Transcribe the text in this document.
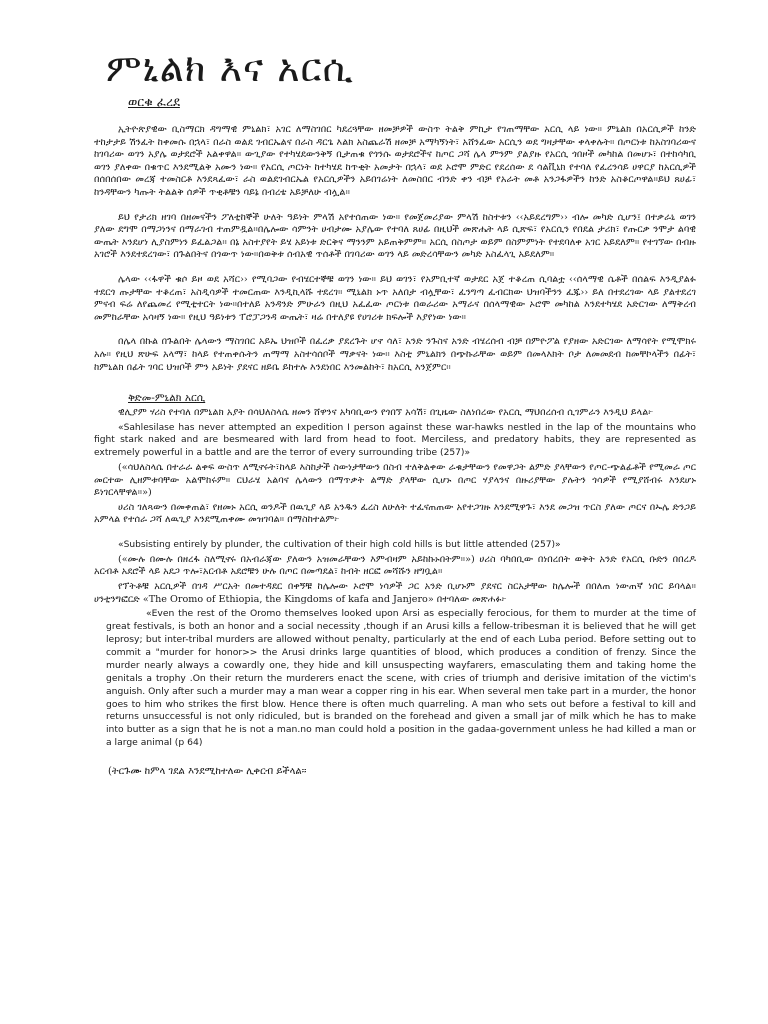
ምኒልክ እና አርሲ
ወርቁ ፈረደ

ኢትዮጵያዊው ቢስማርክ ዳግማዊ ምኒልክ፣ አገር ለማስገበር ካደረጓቸው ዘመቻዎች ውስጥ ትልቅ ምኪታ የገጠማቸው አርሲ ላይ ነው። ምኒልክ በአርሲዎች ከንድ ተከታታይ ሽንፈት ከቀመሱ በኋላ፣ በራስ ወልደ ገብርኤልና በራስ ዳርጌ እልክ አስጨራሽ ዘመቻ አማካኝነት፣ አሸንፈው አርሲን ወደ ግዛታቸው ቀላቀሉት። በጦርነቱ ከአስገባሪውና ከገባሪው ወገን አያሌ ወታደሮች አልቀዋል። ውጊያው የተካሄደውንቅኝ ቢታጠቁ የጎንሱ ወታደሮችና ከጦር ጋሻ ሌላ ምንም ያልያዙ የአርሲ ጎበዞች መካከል በመሆኑ፣ በተከሳካቢ ወገን ያለቀው በቁጥር እንደሚልቅ አሙን ነው። የአርሲ ጦርነት ከተካሄደ ከጥቂት አመታት በኋላ፣ ወደ ኦሮሞ ምድር የደረሰው ደ ሳልቪኒክ የተባለ የፈረንሳይ ሀዋርያ ከአርሲዎች በሰበሰበው መረጃ ተመስርቶ እንደጻፈው፣ ራስ ወልደገብርኤል የአርሲዎችን አይበገሬነት ለመስበር ብንድ ቀን ብቻ የአራት መቶ አንጋፋዎችን ከንድ አስቆርጦዋል።ይህ ጸሀፊ፣ ከንዳቸውን ካጡት ትልልቅ ሰዎች ጥቂቶቹን ባይኔ በብረቴ አይቻለሁ ብሏል።

ይህ የታሪክ ዘገባ በዘመናችን ፖለቲከኞች ሁለት ዓይነት ምላሽ አየተሰጠው ነው። የመጀመሪያው ምላሽ ከስተቱን ‹‹አይደረግም›› ብሎ መካድ ሲሆን፤ በተቃራኒ ወገን ያለው ደግሞ በማጋነንና በማራገብ ተጠምዷል።በሌሎው ሳምንት ሀብታሙ አያሌው የተባለ ጸሀፊ በዚህች መጽሔት ላይ ሲጽፍ፣ የአርሲን የበደል ታሪክ፣ የጡርቃ ንሞታ ልባዊ ውጤት እንደሆነ ሊያስምነን ይፈልጋል። በኔ አስተያየት ይሄ አይነቱ ድርቅና ማንንም አይጠቅምም። አርሲ በስጦታ ወይም በስምምነት የተደባለቀ አገር አይደለም። የተገኘው በብዙ አገሮች እንደተደረገው፣ በጉልበትና በጎውጥ ነው።በወቅቱ ሰብአዊ ጥሰቶች በገባሪው ወገን ላይ መድረሳቸውን መካድ አስፈላጊ አይደለም።

ሌላው ‹‹ፋዋች ቁሶ ይዞ ወደ አሻር›› የሚባጋው የብሄርተኞቹ ወገን ነው። ይህ ወገን፣ የአምቢተኛ ወታደር አጀ ተቆረጠ ሲባልቷ ‹‹ሰላማዊ ሴቶች በሰልፍ እንዲያልፉ ተደርጎ ጡታቸው ተቆረጠ፣ አስዲሳዎች ተመርጠው እንዲኪላሹ ተደረገ። ሚኒልክ ኑጥ አለበታ ብሏቸው፣ ፈንግጣ ፈብርክው ህዝባችንን ፈጁ›› ይለ በተደረገው ላይ ያልተደረገ ምናብ ፍሬ ለየጨመረ የሚቲተርት ነው።በተለይ አንዳንድ ምሁራን በዚህ አፈፈው ጦርነቱ በወራሪው አማራና በሰላማዊው ኦሮሞ መካከል እንደተካሄደ አድርገው ለማቅረብ መምከራቸው አሳዛኝ ነው። የዚህ ዓይነቱን ፐሮፓጋንዳ ውጤት፣ ዛሬ በተለያዩ የሀገሪቱ ክፍሎች እያየነው ነው።

በሌላ በኩል በጉልበት ሌላውን ማስገበር አይኤ ህዝቦች በፈረቃ ያደረጉት ሆኖ ሳለ፣ አንድ ንጉስና አንድ ብሄረሰብ ብቻ በምዮፖል የያዘው አድርገው ለማሳየት የሚሞክሩ አሉ። የዚህ ጽሁፍ አላማ፣ ከላይ የተጠቀሱትን ጠማማ አስተሳሰቦች ማቃናት ነው። እስቲ ምኒልክን በጭኩራቸው ወይም በመላእክት ቦታ ለመመደብ ከመቸኮላችን በፊት፣ ከምኒልክ በፊት ገባር ህዝቦች ምን አይነት ያደናር ዘይቤ ይከተሉ እንደነበር እንመልከት፣ ከአርሲ እንጀምር።

ቅድመ-ምኒልክ አርሲ

ዊሊያም ሃሪስ የተባለ በምኒልክ አያት በሳህለስላሴ ዘመን ሸዋንና አካባቢውን የጎበኘ አሳሽ፣ በጊዜው ስለነበረው የአርሲ ማህበረሰብ ሲገምራን እንዲህ ይላል፦

«Sahlesilase has never attempted an expedition I person against these war-hawks nestled in the lap of the mountains who fight stark naked and are besmeared with lard from head to foot. Merciless, and predatory habits, they are represented as extremely powerful in a battle and are the terror of every surrounding tribe (257)»

(«ሳህለስላሴ በተራራ ልቀፍ ውስጥ ለሚኖሩት፣ከላይ እስከታች ስውነታቸውን በስብ ተለቅልቀው ራቁታቸውን የመዋጋት ልምድ ያላቸውን የጦር-ጭልፊቶች የሚመራ ጦር መርተው ሊዘምቱባቸው አልሞከሩም። ርህራሄ አልባና ሌላውን በማጥቃት ልማድ ያላቸው ሲሆኑ በጦር ሃያላንና በዙሪያቸው ያሉትን ጎሳዎች የሚያሸብሩ እንደሆኑ ይነገርላቸዋል።»)

ሀሪስ ገለጻውን በመቀጠል፣ የዘመኑ አርሲ ወንዶች በዉጊያ ላይ አንዱን ፈረስ ለሁለት ተፈናጠጠው አየተጋገዙ እንደሚዋጉ፣ እንደ መጋዝ ጥርስ ያለው ጦርና በኡሌ ድንጋይ አምላል የተሰራ ጋሻ ለዉጊያ እንደሚጠቀሙ መዝገባል። በማስከተልም፦

«Subsisting entirely by plunder, the cultivation of their high cold hills is but little attended (257)»

(«ሙሉ በሙሉ በዘረፋ ስለሚኖሩ በአብራጃው ያለውን አዝመራቸውን እምብዛም አይከኩኑበትም።») ሀሪስ ባካበቢው በነበረበት ወቅት አንድ የአርሲ ቡድን በበረዶ አርብቶ አደሮች ላይ አደጋ ጥሎ፣አርብቶ አደሮቹን ሁሉ በጦር በመጣደል፣ ከብት ዘርፎ መሻሹን ዘግቧል።

የፕትቶቹ አርሲዎች በገዳ ሥርአት በመተዳደር በቀኝቹ ከሌሎው ኦሮሞ ነሳዎች ጋር አንድ ቢሆኑም ያደናር ስርአታቸው ከሌሎች በበለጠ ነውጠኛ ነበር ይባላል። ሀንቲንግፎርድ «The Oromo of Ethiopia, the Kingdoms of kafa and Janjero» በተባለው መጽሐፉ፦

«Even the rest of the Oromo themselves looked upon Arsi as especially ferocious, for them to murder at the time of great festivals, is both an honor and a social necessity ,though if an Arusi kills a fellow-tribesman it is believed that he will get leprosy; but inter-tribal murders are allowed without penalty, particularly at the end of each Luba period. Before setting out to commit a "murder for honor>> the Arusi drinks large quantities of blood, which produces a condition of frenzy. Since the murder nearly always a cowardly one, they hide and kill unsuspecting wayfarers, emasculating them and taking home the genitals a trophy .On their return the murderers enact the scene, with cries of triumph and derisive imitation of the victim's anguish. Only after such a murder may a man wear a copper ring in his ear. When several men take part in a murder, the honor goes to him who strikes the first blow. Hence there is often much quarreling. A man who sets out before a festival to kill and returns unsuccessful is not only ridiculed, but is branded on the forehead and given a small jar of milk which he has to make into butter as a sign that he is not a man.no man could hold a position in the gadaa-government unless he had killed a man or a large animal (p 64)

(ትርጉሙ ከምላ ገደል እንደሚከተለው ሊቀርብ ይችላል።
